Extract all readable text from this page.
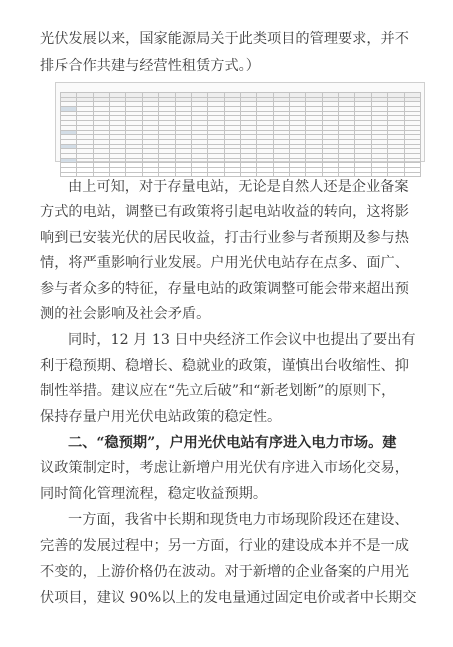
光伏发展以来，国家能源局关于此类项目的管理要求，并不
排斥合作共建与经营性租赁方式。）

由上可知，对于存量电站，无论是自然人还是企业备案
方式的电站，调整已有政策将引起电站收益的转向，这将影
响到已安装光伏的居民收益，打击行业参与者预期及参与热
情，将严重影响行业发展。户用光伏电站存在点多、面广、
参与者众多的特征，存量电站的政策调整可能会带来超出预
测的社会影响及社会矛盾。
同时，12 月 13 日中央经济工作会议中也提出了要出有
利于稳预期、稳增长、稳就业的政策，谨慎出台收缩性、抑
制性举措。建议应在“先立后破”和“新老划断”的原则下，
保持存量户用光伏电站政策的稳定性。
二、“稳预期”，户用光伏电站有序进入电力市场。建
议政策制定时，考虑让新增户用光伏有序进入市场化交易，
同时简化管理流程，稳定收益预期。
一方面，我省中长期和现货电力市场现阶段还在建设、
完善的发展过程中；另一方面，行业的建设成本并不是一成
不变的，上游价格仍在波动。对于新增的企业备案的户用光
伏项目，建议 90%以上的发电量通过固定电价或者中长期交
